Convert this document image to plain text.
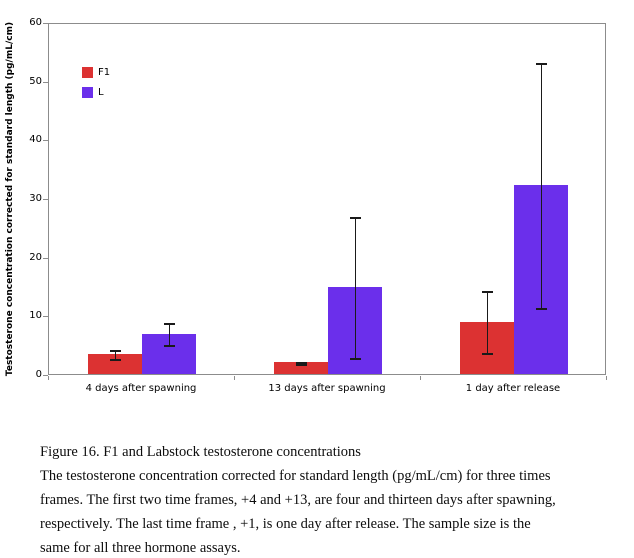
Testosterone concentration corrected for standard length (pg/mL/cm)	0
10
20
30
40
50
60
4 days after spawning	13 days after spawning	1 day after release
F1
L
Figure 16. F1 and Labstock testosterone concentrations
The testosterone concentration corrected for standard length (pg/mL/cm) for three times
frames. The first two time frames, +4 and +13, are four and thirteen days after spawning,
respectively. The last time frame , +1, is one day after release. The sample size is the
same for all three hormone assays.
